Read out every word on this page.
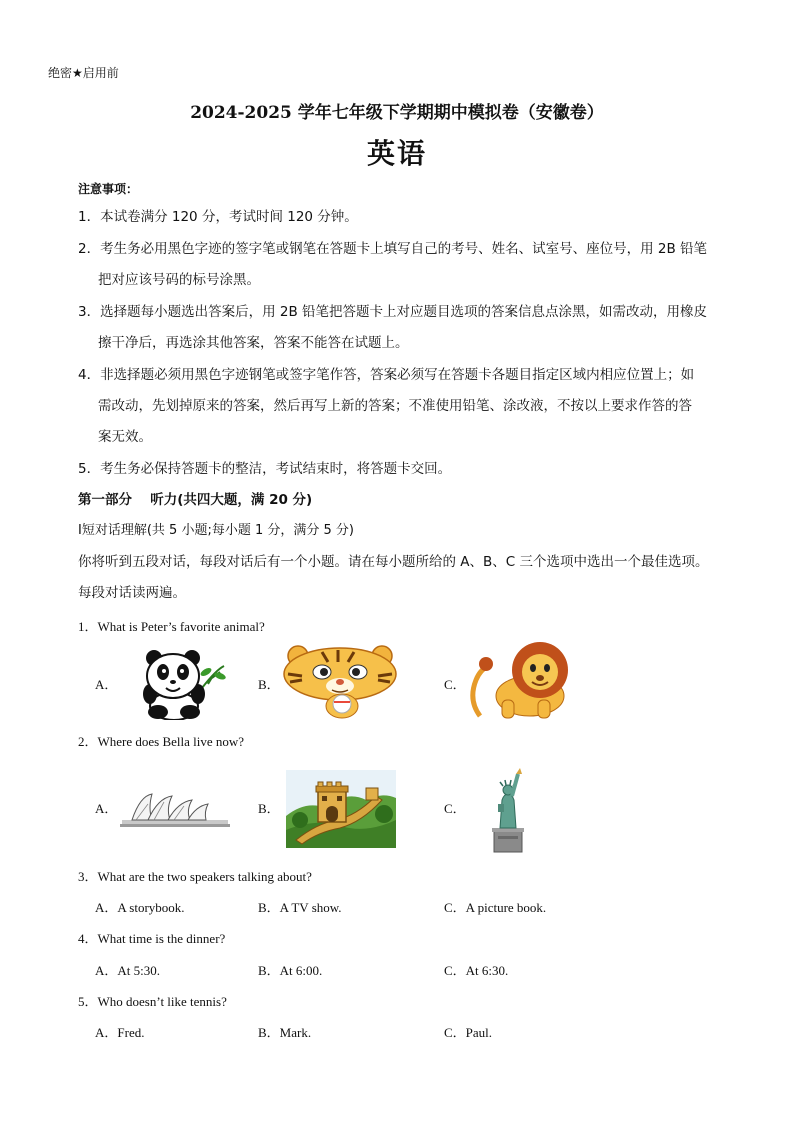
绝密★启用前
2024-2025 学年七年级下学期期中模拟卷（安徽卷）
英语
注意事项：
1．本试卷满分 120 分，考试时间 120 分钟。
2．考生务必用黑色字迹的签字笔或钢笔在答题卡上填写自己的考号、姓名、试室号、座位号，用 2B 铅笔
把对应该号码的标号涂黑。
3．选择题每小题选出答案后，用 2B 铅笔把答题卡上对应题目选项的答案信息点涂黑，如需改动，用橡皮
擦干净后，再选涂其他答案，答案不能答在试题上。
4．非选择题必须用黑色字迹钢笔或签字笔作答，答案必须写在答题卡各题目指定区域内相应位置上；如
需改动，先划掉原来的答案，然后再写上新的答案；不准使用铅笔、涂改液，不按以上要求作答的答
案无效。
5．考生务必保持答题卡的整洁，考试结束时，将答题卡交回。
第一部分　 听力(共四大题，满 20 分)
Ⅰ短对话理解(共 5 小题;每小题 1 分，满分 5 分)
你将听到五段对话，每段对话后有一个小题。请在每小题所给的 A、B、C 三个选项中选出一个最佳选项。
每段对话读两遍。
1．What is Peter’s favorite animal?
A．	B．	C．
2．Where does Bella live now?
A．	B．	C．
3．What are the two speakers talking about?
A．A storybook.	B．A TV show.	C．A picture book.
4．What time is the dinner?
A．At 5:30.	B．At 6:00.	C．At 6:30.
5．Who doesn’t like tennis?
A．Fred.	B．Mark.	C．Paul.
